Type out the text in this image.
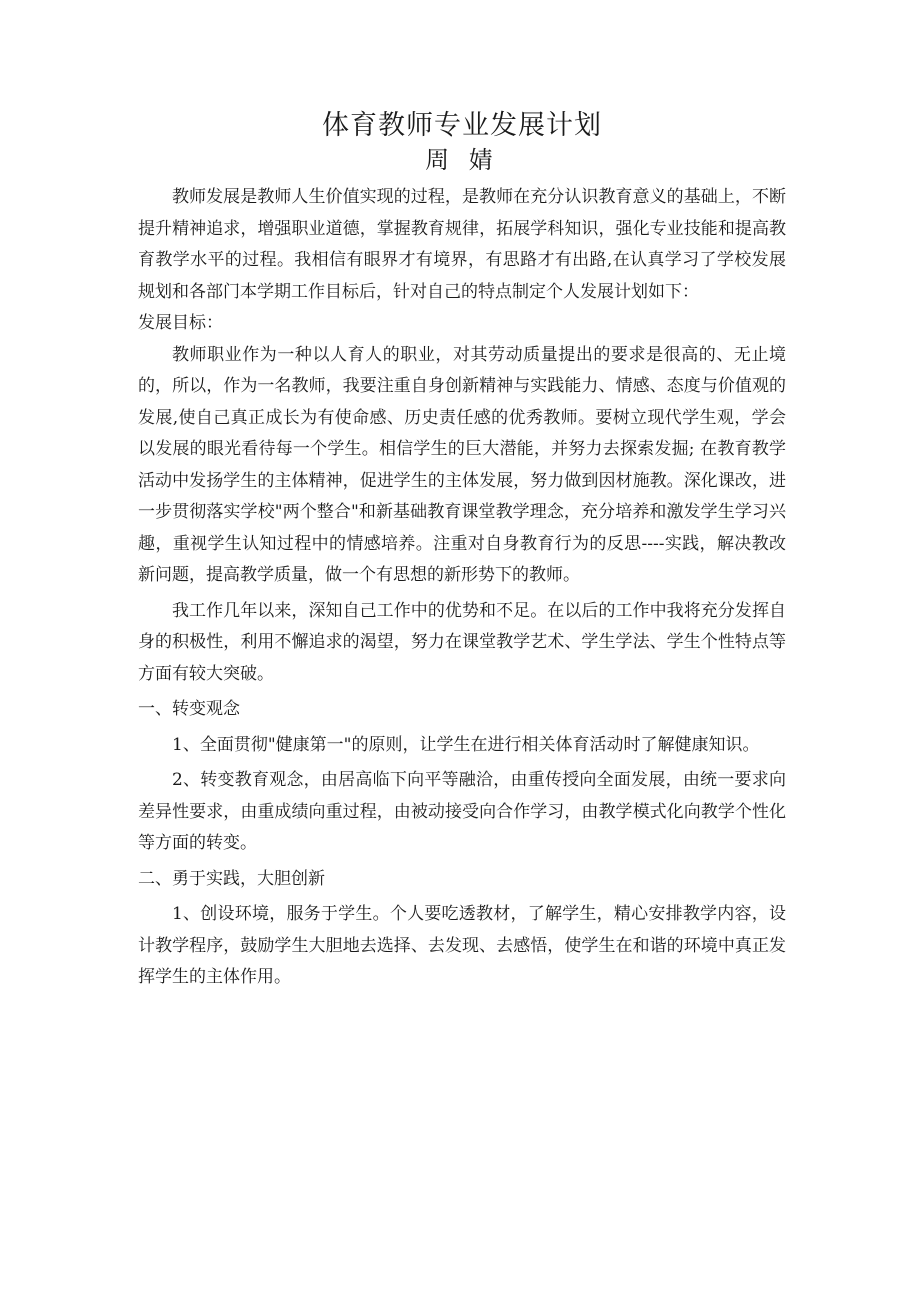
体育教师专业发展计划
周 婧

教师发展是教师人生价值实现的过程，是教师在充分认识教育意义的基础上，不断提升精神追求，增强职业道德，掌握教育规律，拓展学科知识，强化专业技能和提高教育教学水平的过程。我相信有眼界才有境界，有思路才有出路,在认真学习了学校发展规划和各部门本学期工作目标后，针对自己的特点制定个人发展计划如下：

发展目标：

教师职业作为一种以人育人的职业，对其劳动质量提出的要求是很高的、无止境的，所以，作为一名教师，我要注重自身创新精神与实践能力、情感、态度与价值观的发展,使自己真正成长为有使命感、历史责任感的优秀教师。要树立现代学生观，学会以发展的眼光看待每一个学生。相信学生的巨大潜能，并努力去探索发掘; 在教育教学活动中发扬学生的主体精神，促进学生的主体发展，努力做到因材施教。深化课改，进一步贯彻落实学校"两个整合"和新基础教育课堂教学理念，充分培养和激发学生学习兴趣，重视学生认知过程中的情感培养。注重对自身教育行为的反思----实践，解决教改新问题，提高教学质量，做一个有思想的新形势下的教师。

我工作几年以来，深知自己工作中的优势和不足。在以后的工作中我将充分发挥自身的积极性，利用不懈追求的渴望，努力在课堂教学艺术、学生学法、学生个性特点等方面有较大突破。

一、转变观念

1、全面贯彻"健康第一"的原则，让学生在进行相关体育活动时了解健康知识。

2、转变教育观念，由居高临下向平等融洽，由重传授向全面发展，由统一要求向差异性要求，由重成绩向重过程，由被动接受向合作学习，由教学模式化向教学个性化等方面的转变。

二、勇于实践，大胆创新

1、创设环境，服务于学生。个人要吃透教材，了解学生，精心安排教学内容，设计教学程序，鼓励学生大胆地去选择、去发现、去感悟，使学生在和谐的环境中真正发挥学生的主体作用。
